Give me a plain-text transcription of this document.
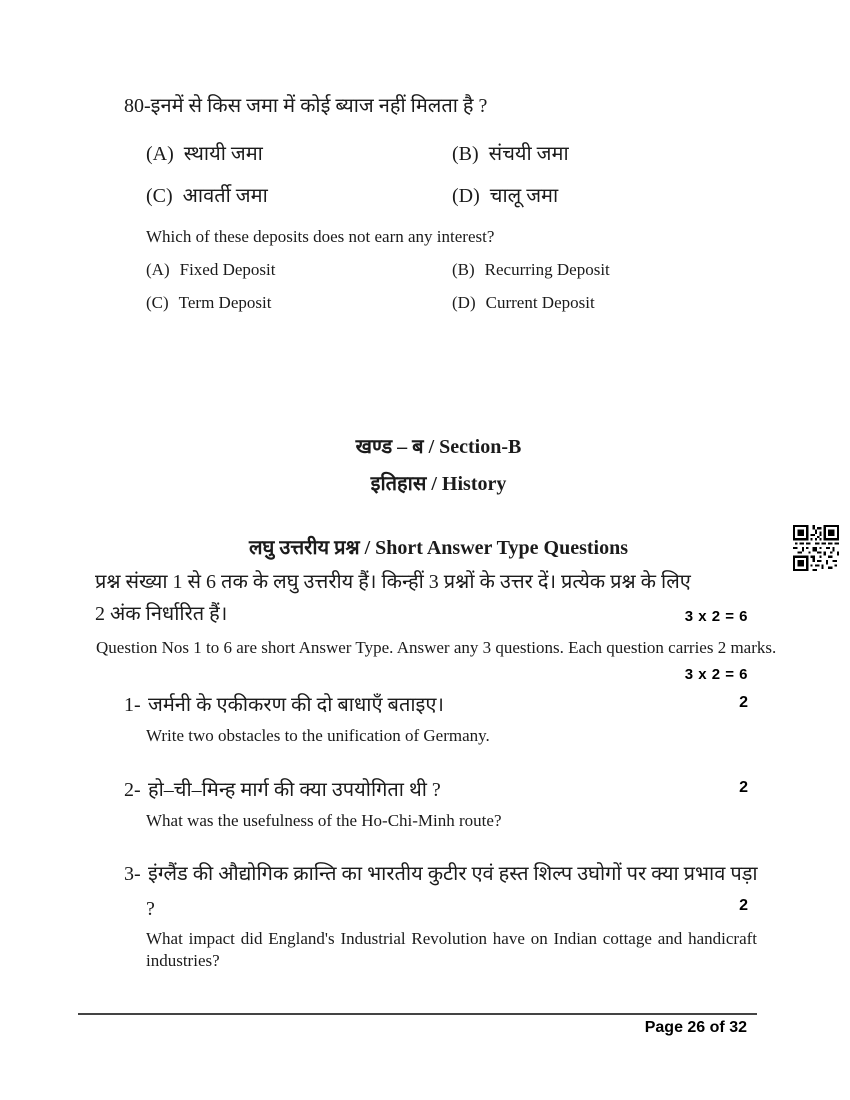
80-इनमें से किस जमा में कोई ब्याज नहीं मिलता है ?
(A) स्थायी जमा	(B) संचयी जमा
(C) आवर्ती जमा	(D) चालू जमा
Which of these deposits does not earn any interest?
(A) Fixed Deposit	(B) Recurring Deposit
(C) Term Deposit	(D) Current Deposit
खण्ड – ब / Section-B
इतिहास / History
लघु उत्तरीय प्रश्न / Short Answer Type Questions
प्रश्न संख्या 1 से 6 तक के लघु उत्तरीय हैं। किन्हीं 3 प्रश्नों के उत्तर दें। प्रत्येक प्रश्न के लिए
2 अंक निर्धारित हैं।	3 x 2 = 6
Question Nos 1 to 6 are short Answer Type. Answer any 3 questions. Each question carries 2 marks.
3 x 2 = 6
1- जर्मनी के एकीकरण की दो बाधाएँ बताइए।	2
Write two obstacles to the unification of Germany.
2- हो–ची–मिन्ह मार्ग की क्या उपयोगिता थी ?	2
What was the usefulness of the Ho-Chi-Minh route?
3- इंग्लैंड की औद्योगिक क्रान्ति का भारतीय कुटीर एवं हस्त शिल्प उघोगों पर क्या प्रभाव पड़ा
?	2
What impact did England's Industrial Revolution have on Indian cottage and handicraft industries?
Page 26 of 32
